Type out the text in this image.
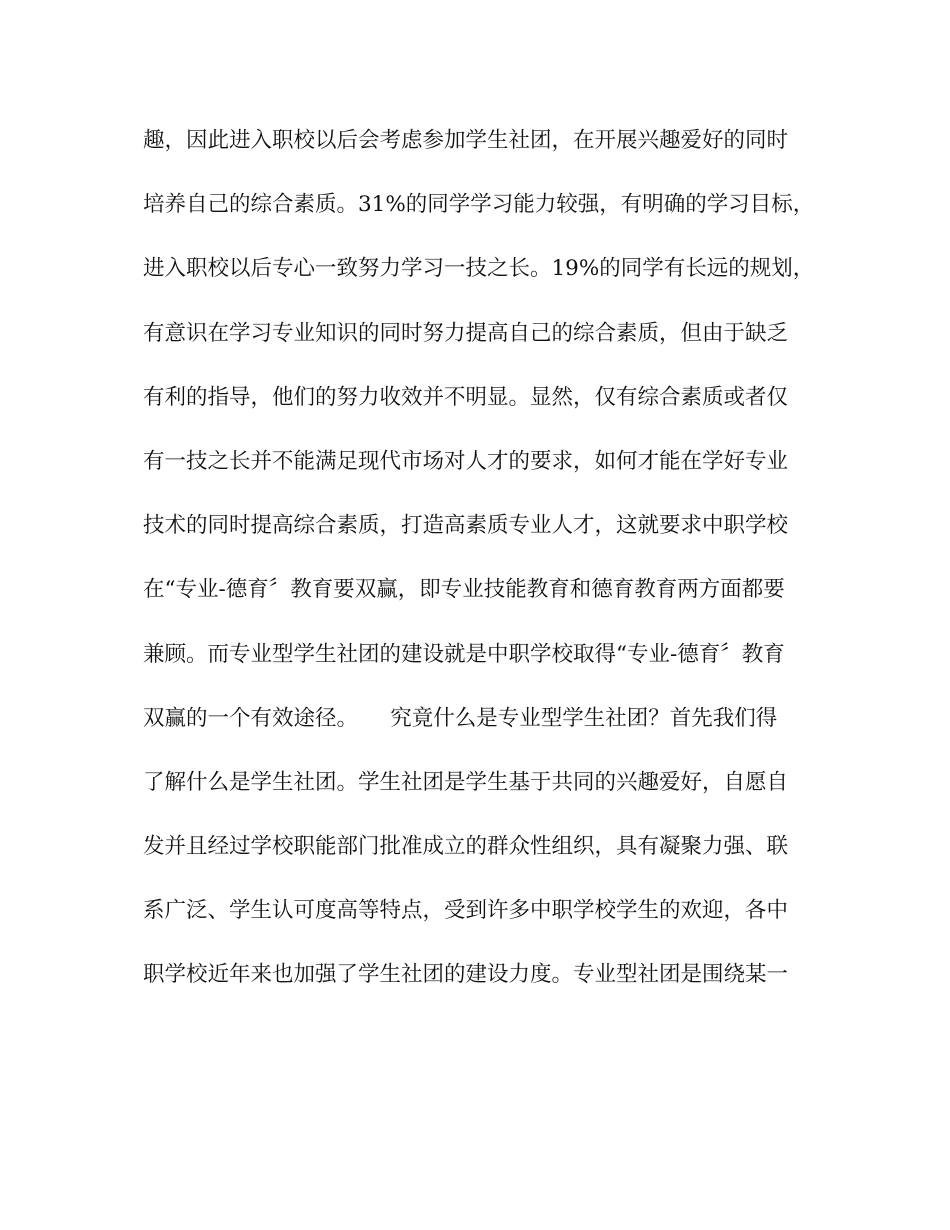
趣，因此进入职校以后会考虑参加学生社团，在开展兴趣爱好的同时
培养自己的综合素质。31%的同学学习能力较强，有明确的学习目标，
进入职校以后专心一致努力学习一技之长。19%的同学有长远的规划，
有意识在学习专业知识的同时努力提高自己的综合素质，但由于缺乏
有利的指导，他们的努力收效并不明显。显然，仅有综合素质或者仅
有一技之长并不能满足现代市场对人才的要求，如何才能在学好专业
技术的同时提高综合素质，打造高素质专业人才，这就要求中职学校
在“专业-德育〞教育要双赢，即专业技能教育和德育教育两方面都要
兼顾。而专业型学生社团的建设就是中职学校取得“专业-德育〞教育
双赢的一个有效途径。　　究竟什么是专业型学生社团？首先我们得
了解什么是学生社团。学生社团是学生基于共同的兴趣爱好，自愿自
发并且经过学校职能部门批准成立的群众性组织，具有凝聚力强、联
系广泛、学生认可度高等特点，受到许多中职学校学生的欢迎，各中
职学校近年来也加强了学生社团的建设力度。专业型社团是围绕某一
